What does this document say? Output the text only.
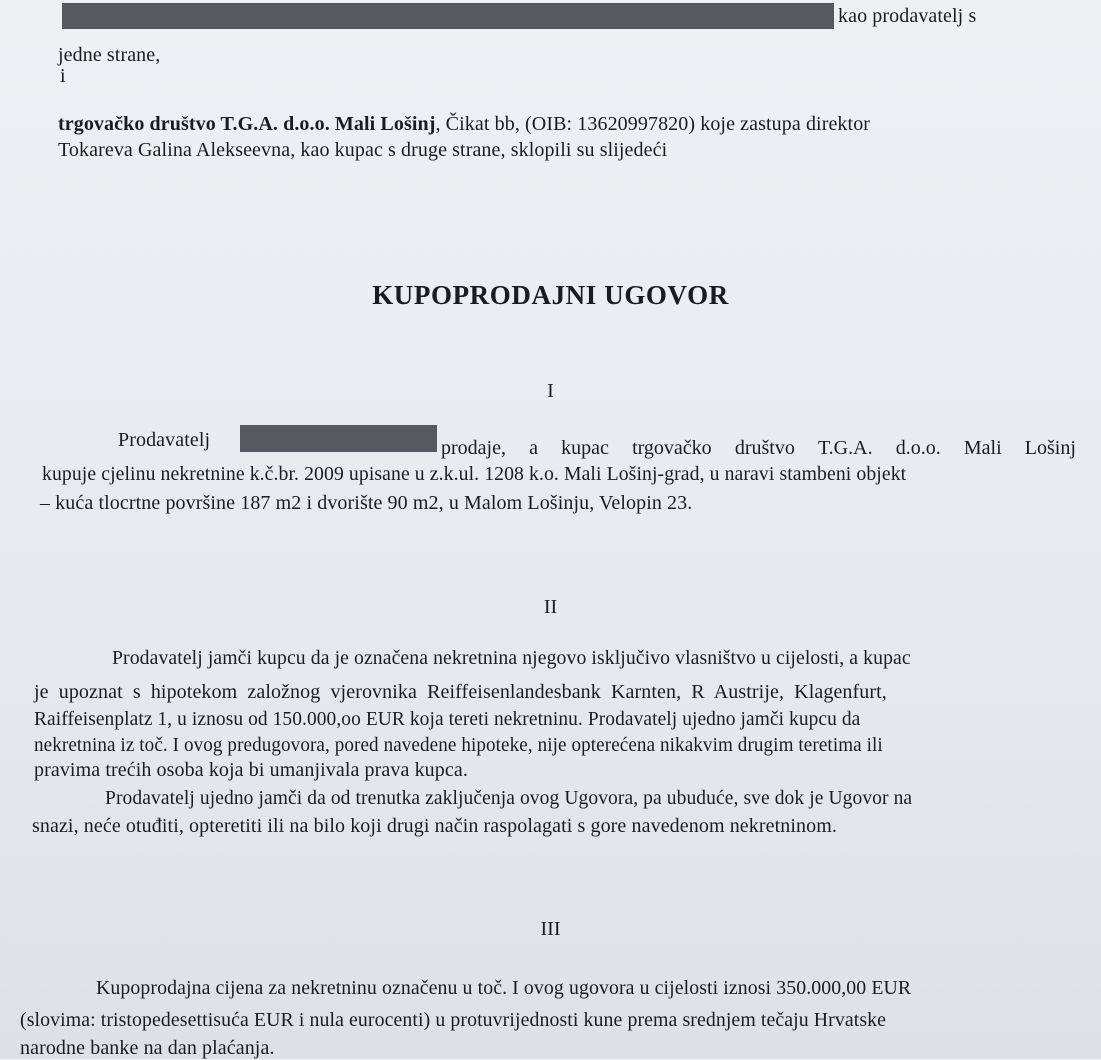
kao prodavatelj s
jedne strane,
i
trgovačko društvo T.G.A. d.o.o. Mali Lošinj, Čikat bb, (OIB: 13620997820) koje zastupa direktor
Tokareva Galina Alekseevna, kao kupac s druge strane, sklopili su slijedeći
KUPOPRODAJNI UGOVOR
I
Prodavatelj	prodaje, a kupac trgovačko društvo T.G.A. d.o.o. Mali Lošinj
kupuje cjelinu nekretnine k.č.br. 2009 upisane u z.k.ul. 1208 k.o. Mali Lošinj-grad, u naravi stambeni objekt
– kuća tlocrtne površine 187 m2 i dvorište 90 m2, u Malom Lošinju, Velopin 23.
II
Prodavatelj jamči kupcu da je označena nekretnina njegovo isključivo vlasništvo u cijelosti, a kupac
je upoznat s hipotekom založnog vjerovnika Reiffeisenlandesbank Karnten, R Austrije, Klagenfurt,
Raiffeisenplatz 1, u iznosu od 150.000,oo EUR koja tereti nekretninu. Prodavatelj ujedno jamči kupcu da
nekretnina iz toč. I ovog predugovora, pored navedene hipoteke, nije opterećena nikakvim drugim teretima ili
pravima trećih osoba koja bi umanjivala prava kupca.
Prodavatelj ujedno jamči da od trenutka zaključenja ovog Ugovora, pa ubuduće, sve dok je Ugovor na
snazi, neće otuđiti, opteretiti ili na bilo koji drugi način raspolagati s gore navedenom nekretninom.
III
Kupoprodajna cijena za nekretninu označenu u toč. I ovog ugovora u cijelosti iznosi 350.000,00 EUR
(slovima: tristopedesettisuća EUR i nula eurocenti) u protuvrijednosti kune prema srednjem tečaju Hrvatske
narodne banke na dan plaćanja.
